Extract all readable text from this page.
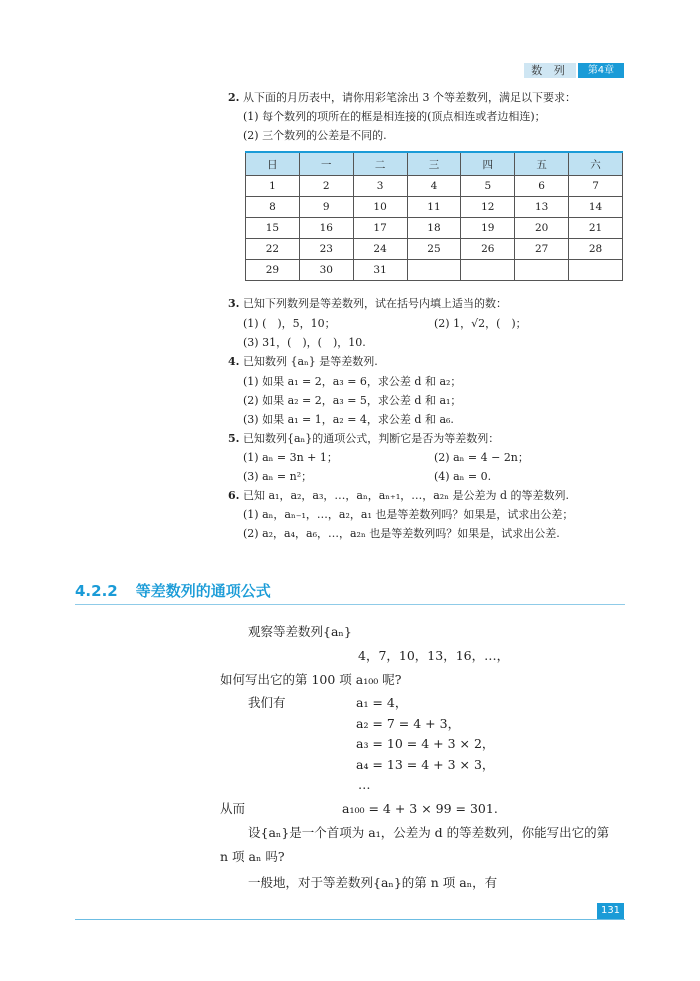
数 列	第4章
2. 从下面的月历表中，请你用彩笔涂出 3 个等差数列，满足以下要求：
(1) 每个数列的项所在的框是相连接的(顶点相连或者边相连)；
(2) 三个数列的公差是不同的.
日	一	二	三	四	五	六
1	2	3	4	5	6	7
8	9	10	11	12	13	14
15	16	17	18	19	20	21
22	23	24	25	26	27	28
29	30	31				
3. 已知下列数列是等差数列，试在括号内填上适当的数：
(1) (　)，5，10；	(2) 1，√2，(　)；
(3) 31，(　)，(　)，10.
4. 已知数列 {aₙ} 是等差数列.
(1) 如果 a₁ = 2，a₃ = 6，求公差 d 和 a₂；
(2) 如果 a₂ = 2，a₃ = 5，求公差 d 和 a₁；
(3) 如果 a₁ = 1，a₂ = 4，求公差 d 和 a₆.
5. 已知数列{aₙ}的通项公式，判断它是否为等差数列：
(1) aₙ = 3n + 1；	(2) aₙ = 4 − 2n；
(3) aₙ = n²；	(4) aₙ = 0.
6. 已知 a₁，a₂，a₃，…，aₙ，aₙ₊₁，…，a₂ₙ 是公差为 d 的等差数列.
(1) aₙ，aₙ₋₁，…，a₂，a₁ 也是等差数列吗？如果是，试求出公差；
(2) a₂，a₄，a₆，…，a₂ₙ 也是等差数列吗？如果是，试求出公差.
4.2.2 等差数列的通项公式
观察等差数列{aₙ}
4，7，10，13，16，…，
如何写出它的第 100 项 a₁₀₀ 呢?
我们有	a₁ = 4，
a₂ = 7 = 4 + 3，
a₃ = 10 = 4 + 3 × 2，
a₄ = 13 = 4 + 3 × 3，
…
从而	a₁₀₀ = 4 + 3 × 99 = 301.
设{aₙ}是一个首项为 a₁，公差为 d 的等差数列，你能写出它的第
n 项 aₙ 吗?
一般地，对于等差数列{aₙ}的第 n 项 aₙ，有
131
